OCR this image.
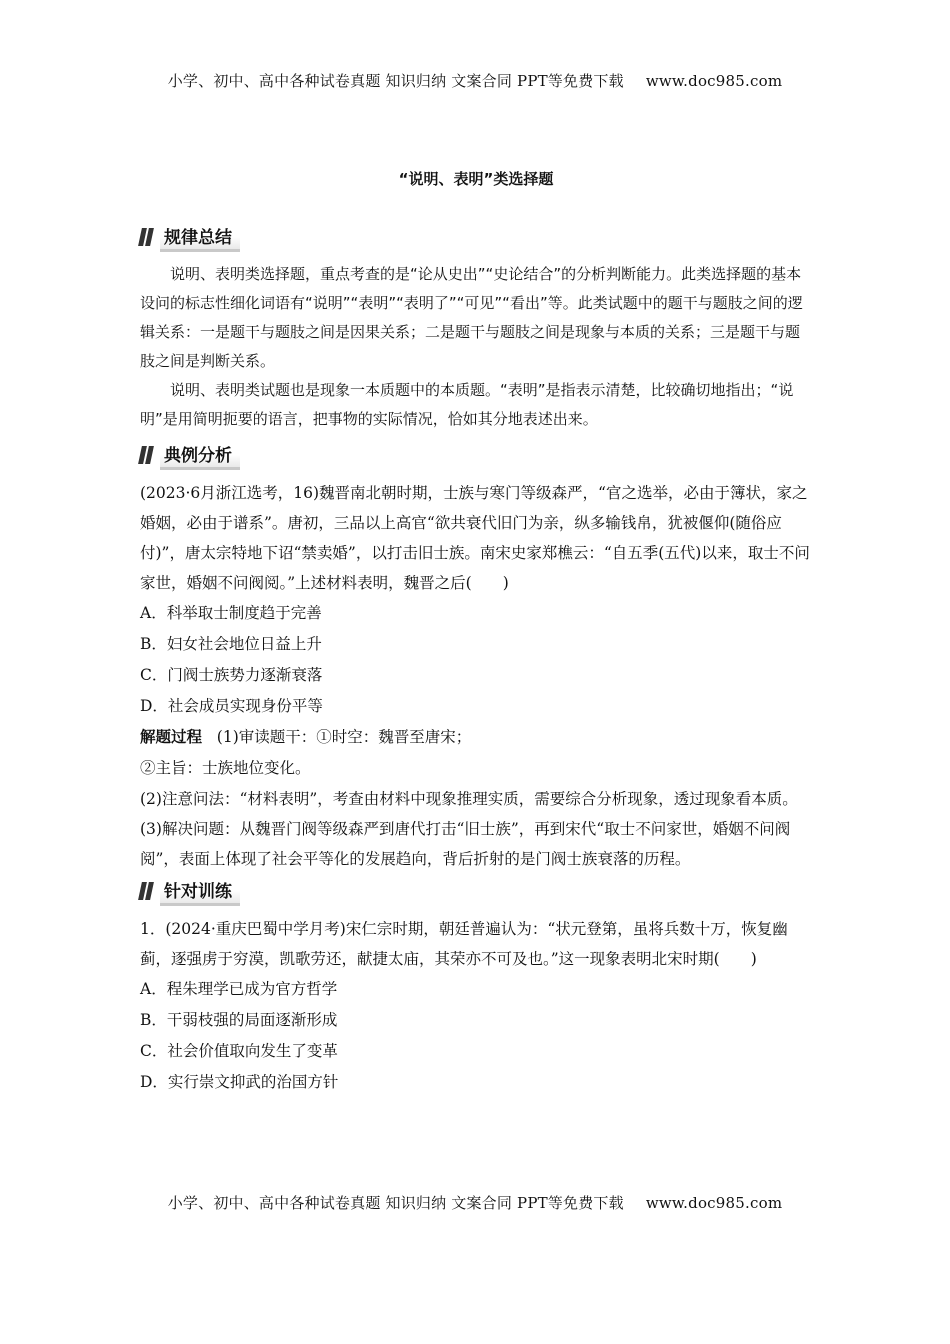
小学、初中、高中各种试卷真题 知识归纳 文案合同 PPT等免费下载 www.doc985.com
“说明、表明”类选择题
规律总结

说明、表明类选择题，重点考查的是“论从史出”“史论结合”的分析判断能力。此类选择题的基本设问的标志性细化词语有“说明”“表明”“表明了”“可见”“看出”等。此类试题中的题干与题肢之间的逻辑关系：一是题干与题肢之间是因果关系；二是题干与题肢之间是现象与本质的关系；三是题干与题肢之间是判断关系。

说明、表明类试题也是现象一本质题中的本质题。“表明”是指表示清楚，比较确切地指出；“说明”是用简明扼要的语言，把事物的实际情况，恰如其分地表述出来。

典例分析

(2023·6月浙江选考，16)魏晋南北朝时期，士族与寒门等级森严，“官之选举，必由于簿状，家之婚姻，必由于谱系”。唐初，三品以上高官“欲共衰代旧门为亲，纵多输钱帛，犹被偃仰(随俗应付)”，唐太宗特地下诏“禁卖婚”，以打击旧士族。南宋史家郑樵云：“自五季(五代)以来，取士不问家世，婚姻不问阀阅。”上述材料表明，魏晋之后(　　)

A．科举取士制度趋于完善

B．妇女社会地位日益上升

C．门阀士族势力逐渐衰落

D．社会成员实现身份平等

解题过程 (1)审读题干：①时空：魏晋至唐宋；

②主旨：士族地位变化。

(2)注意问法：“材料表明”，考查由材料中现象推理实质，需要综合分析现象，透过现象看本质。

(3)解决问题：从魏晋门阀等级森严到唐代打击“旧士族”，再到宋代“取士不问家世，婚姻不问阀阅”，表面上体现了社会平等化的发展趋向，背后折射的是门阀士族衰落的历程。

针对训练

1．(2024·重庆巴蜀中学月考)宋仁宗时期，朝廷普遍认为：“状元登第，虽将兵数十万，恢复幽蓟，逐强虏于穷漠，凯歌劳还，献捷太庙，其荣亦不可及也。”这一现象表明北宋时期(　　)

A．程朱理学已成为官方哲学

B．干弱枝强的局面逐渐形成

C．社会价值取向发生了变革

D．实行崇文抑武的治国方针

小学、初中、高中各种试卷真题 知识归纳 文案合同 PPT等免费下载 www.doc985.com
